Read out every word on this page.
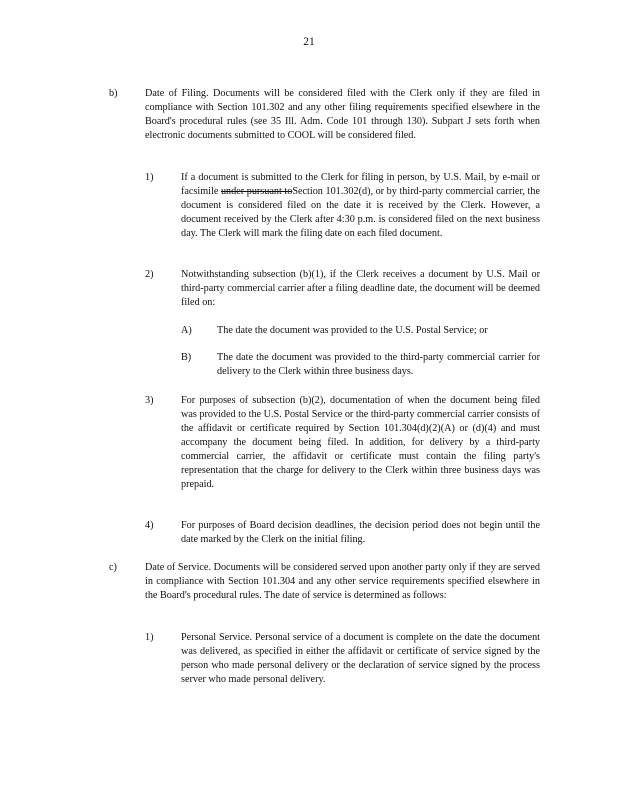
21
b)	Date of Filing. Documents will be considered filed with the Clerk only if they are filed in compliance with Section 101.302 and any other filing requirements specified elsewhere in the Board's procedural rules (see 35 Ill. Adm. Code 101 through 130). Subpart J sets forth when electronic documents submitted to COOL will be considered filed.

1)	If a document is submitted to the Clerk for filing in person, by U.S. Mail, by e-mail or facsimile under pursuant toSection 101.302(d), or by third-party commercial carrier, the document is considered filed on the date it is received by the Clerk. However, a document received by the Clerk after 4:30 p.m. is considered filed on the next business day. The Clerk will mark the filing date on each filed document.

2)	Notwithstanding subsection (b)(1), if the Clerk receives a document by U.S. Mail or third-party commercial carrier after a filing deadline date, the document will be deemed filed on:

A) The date the document was provided to the U.S. Postal Service; or

B)	The date the document was provided to the third-party commercial carrier for delivery to the Clerk within three business days.

3)	For purposes of subsection (b)(2), documentation of when the document being filed was provided to the U.S. Postal Service or the third-party commercial carrier consists of the affidavit or certificate required by Section 101.304(d)(2)(A) or (d)(4) and must accompany the document being filed. In addition, for delivery by a third-party commercial carrier, the affidavit or certificate must contain the filing party's representation that the charge for delivery to the Clerk within three business days was prepaid.

4)	For purposes of Board decision deadlines, the decision period does not begin until the date marked by the Clerk on the initial filing.

c)	Date of Service. Documents will be considered served upon another party only if they are served in compliance with Section 101.304 and any other service requirements specified elsewhere in the Board's procedural rules. The date of service is determined as follows:

1)	Personal Service. Personal service of a document is complete on the date the document was delivered, as specified in either the affidavit or certificate of service signed by the person who made personal delivery or the declaration of service signed by the process server who made personal delivery.
